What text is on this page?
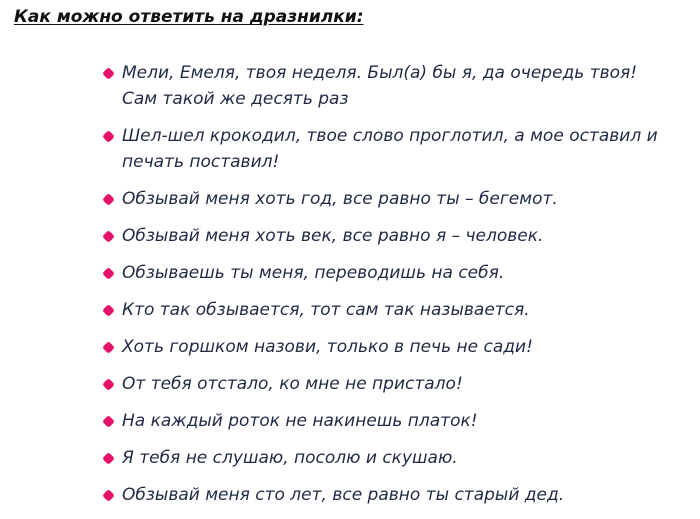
Как можно ответить на дразнилки:
Мели, Емеля, твоя неделя. Был(а) бы я, да очередь твоя! Сам такой же десять раз
Шел-шел крокодил, твое слово проглотил, а мое оставил и печать поставил!
Обзывай меня хоть год, все равно ты – бегемот.
Обзывай меня хоть век, все равно я – человек.
Обзываешь ты меня, переводишь на себя.
Кто так обзывается, тот сам так называется.
Хоть горшком назови, только в печь не сади!
От тебя отстало, ко мне не пристало!
На каждый роток не накинешь платок!
Я тебя не слушаю, посолю и скушаю.
Обзывай меня сто лет, все равно ты старый дед.
